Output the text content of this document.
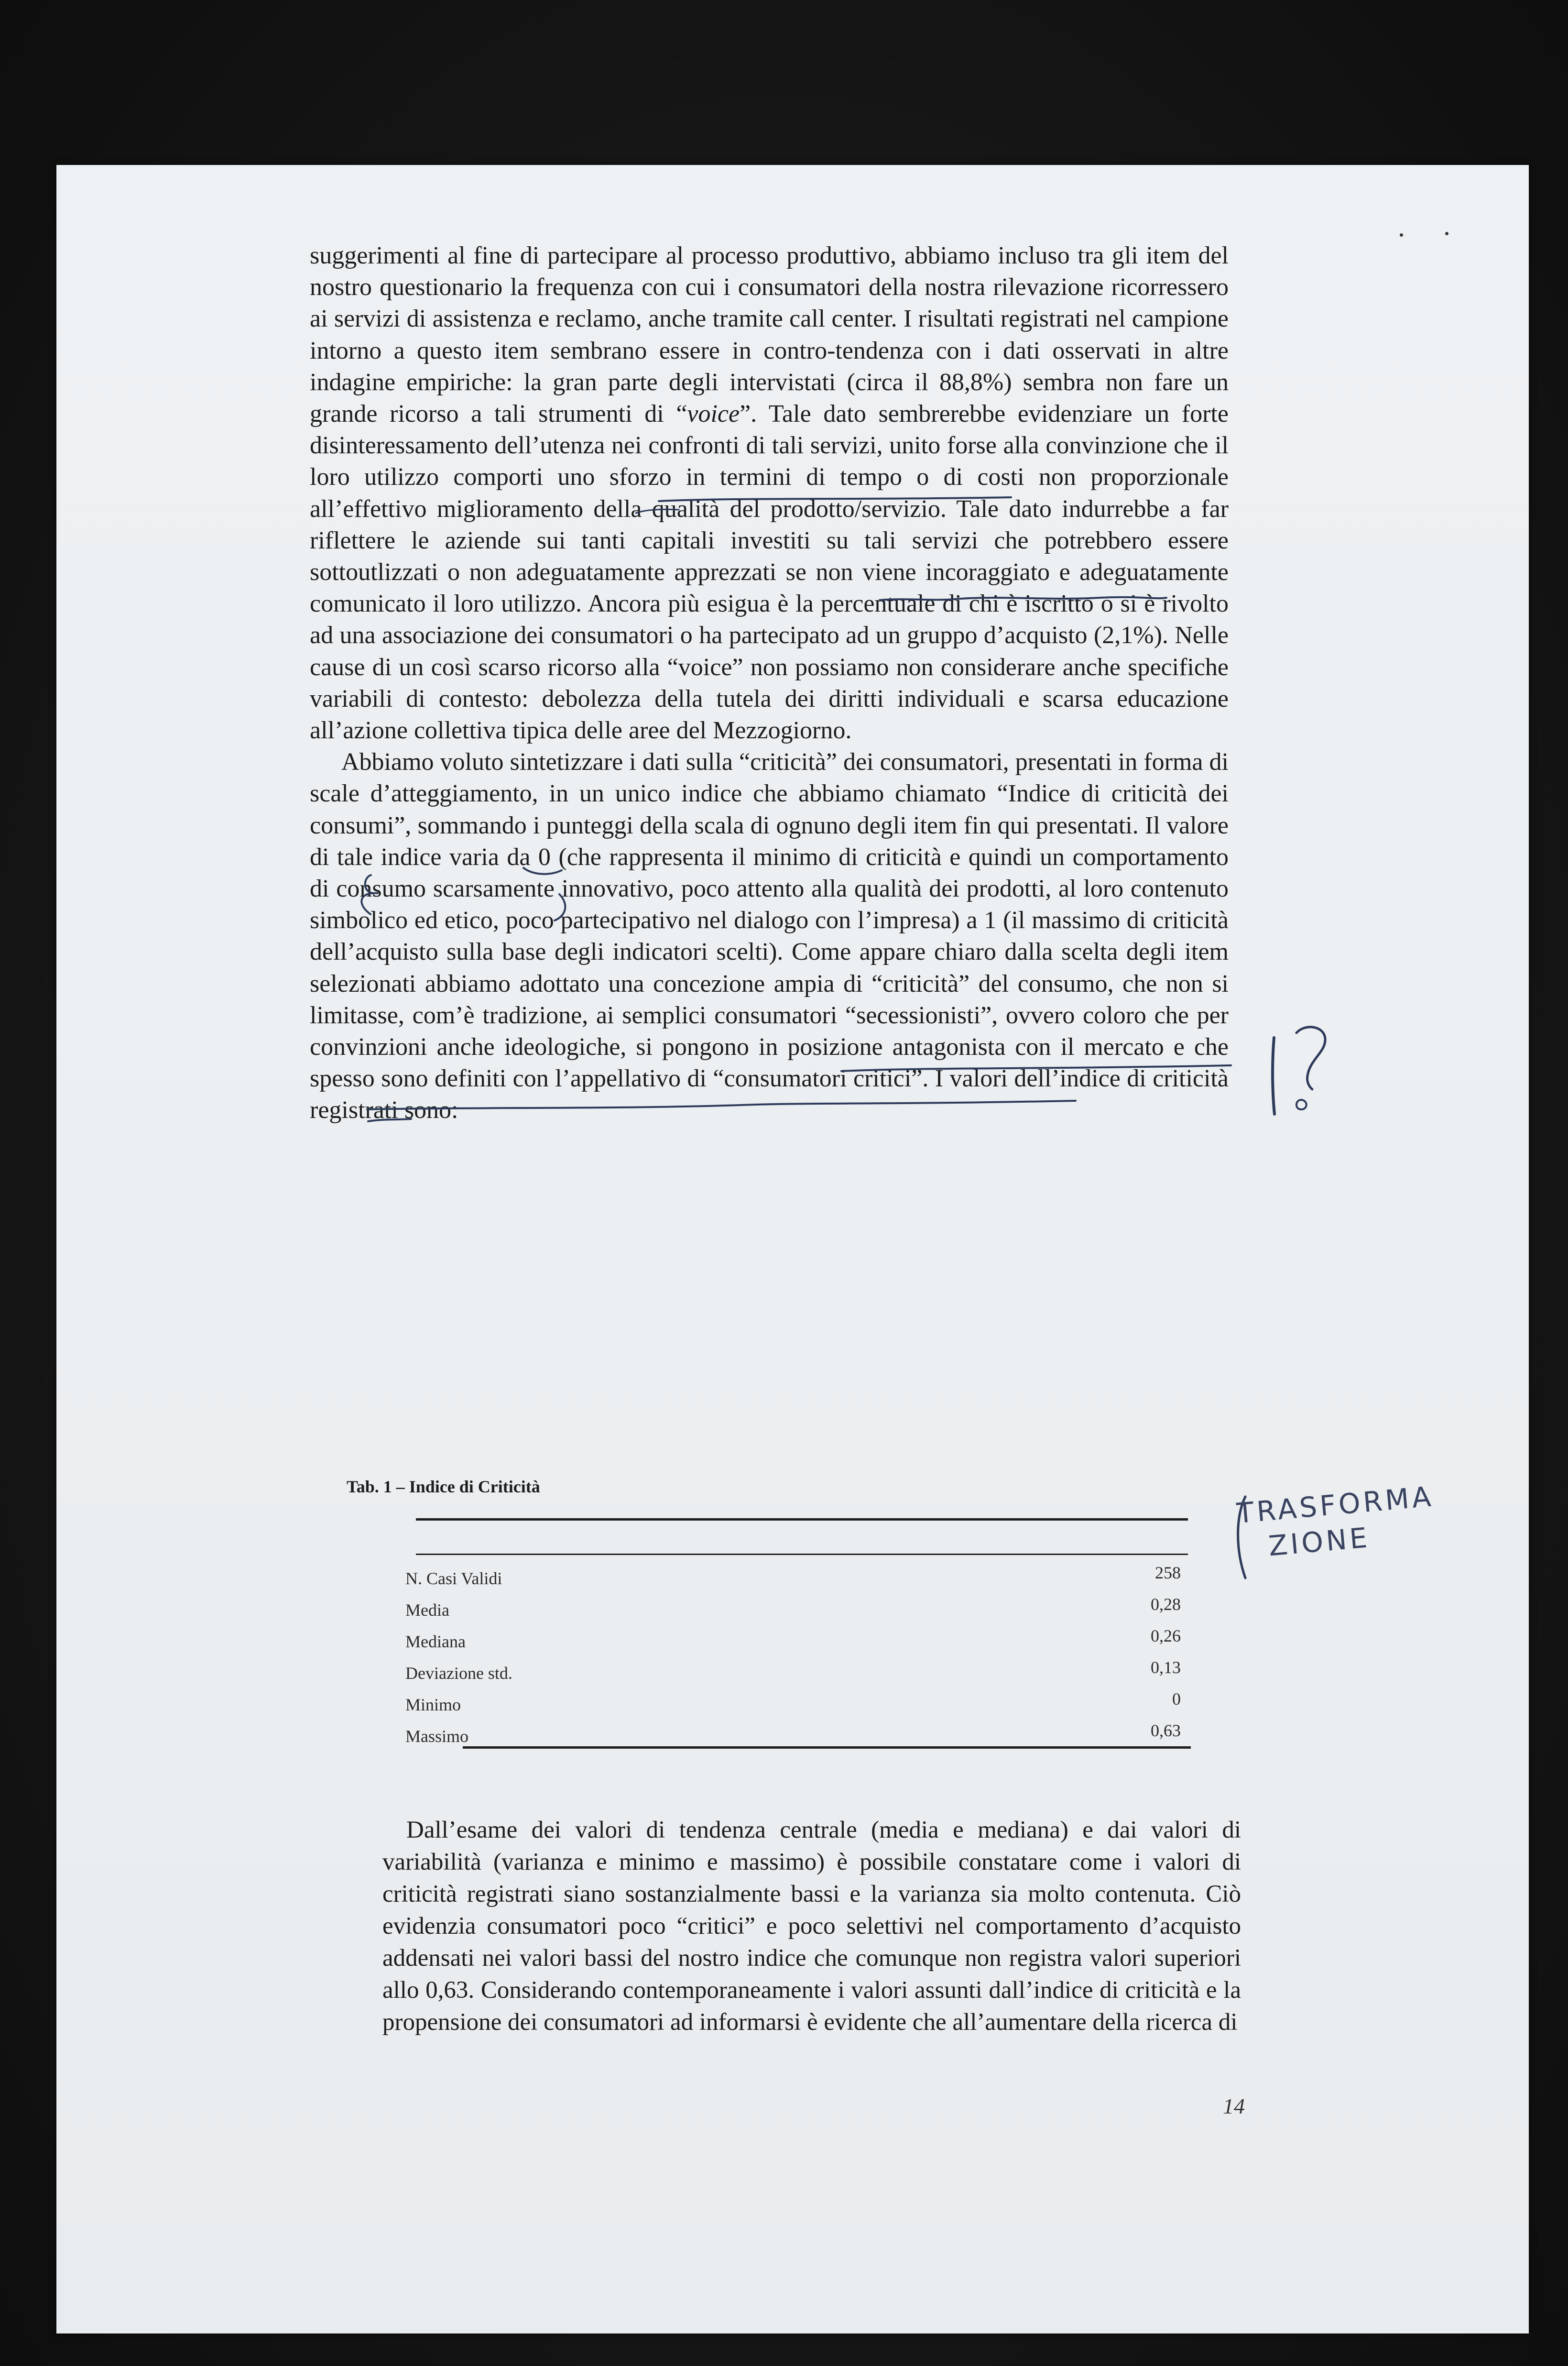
suggerimenti al fine di partecipare al processo produttivo, abbiamo incluso tra gli item del nostro questionario la frequenza con cui i consumatori della nostra rilevazione ricorressero ai servizi di assistenza e reclamo, anche tramite call center. I risultati registrati nel campione intorno a questo item sembrano essere in contro-tendenza con i dati osservati in altre indagine empiriche: la gran parte degli intervistati (circa il 88,8%) sembra non fare un grande ricorso a tali strumenti di “voice”. Tale dato sembrerebbe evidenziare un forte disinteressamento dell’utenza nei confronti di tali servizi, unito forse alla convinzione che il loro utilizzo comporti uno sforzo in termini di tempo o di costi non proporzionale all’effettivo miglioramento della qualità del prodotto/servizio. Tale dato indurrebbe a far riflettere le aziende sui tanti capitali investiti su tali servizi che potrebbero essere sottoutlizzati o non adeguatamente apprezzati se non viene incoraggiato e adeguatamente comunicato il loro utilizzo. Ancora più esigua è la percentuale di chi è iscritto o si è rivolto ad una associazione dei consumatori o ha partecipato ad un gruppo d’acquisto (2,1%). Nelle cause di un così scarso ricorso alla “voice” non possiamo non considerare anche specifiche variabili di contesto: debolezza della tutela dei diritti individuali e scarsa educazione all’azione collettiva tipica delle aree del Mezzogiorno.

Abbiamo voluto sintetizzare i dati sulla “criticità” dei consumatori, presentati in forma di scale d’atteggiamento, in un unico indice che abbiamo chiamato “Indice di criticità dei consumi”, sommando i punteggi della scala di ognuno degli item fin qui presentati. Il valore di tale indice varia da 0 (che rappresenta il minimo di criticità e quindi un comportamento di consumo scarsamente innovativo, poco attento alla qualità dei prodotti, al loro contenuto simbolico ed etico, poco partecipativo nel dialogo con l’impresa) a 1 (il massimo di criticità dell’acquisto sulla base degli indicatori scelti). Come appare chiaro dalla scelta degli item selezionati abbiamo adottato una concezione ampia di “criticità” del consumo, che non si limitasse, com’è tradizione, ai semplici consumatori “secessionisti”, ovvero coloro che per convinzioni anche ideologiche, si pongono in posizione antagonista con il mercato e che spesso sono definiti con l’appellativo di “consumatori critici”. I valori dell’indice di criticità registrati sono:

Tab. 1 – Indice di Criticità

N. Casi Validi	258
Media	0,28
Mediana	0,26
Deviazione std.	0,13
Minimo	0
Massimo	0,63

Dall’esame dei valori di tendenza centrale (media e mediana) e dai valori di variabilità (varianza e minimo e massimo) è possibile constatare come i valori di criticità registrati siano sostanzialmente bassi e la varianza sia molto contenuta. Ciò evidenzia consumatori poco “critici” e poco selettivi nel comportamento d’acquisto addensati nei valori bassi del nostro indice che comunque non registra valori superiori allo 0,63. Considerando contemporaneamente i valori assunti dall’indice di criticità e la propensione dei consumatori ad informarsi è evidente che all’aumentare della ricerca di

14

TRASFORMA
ZIONE
